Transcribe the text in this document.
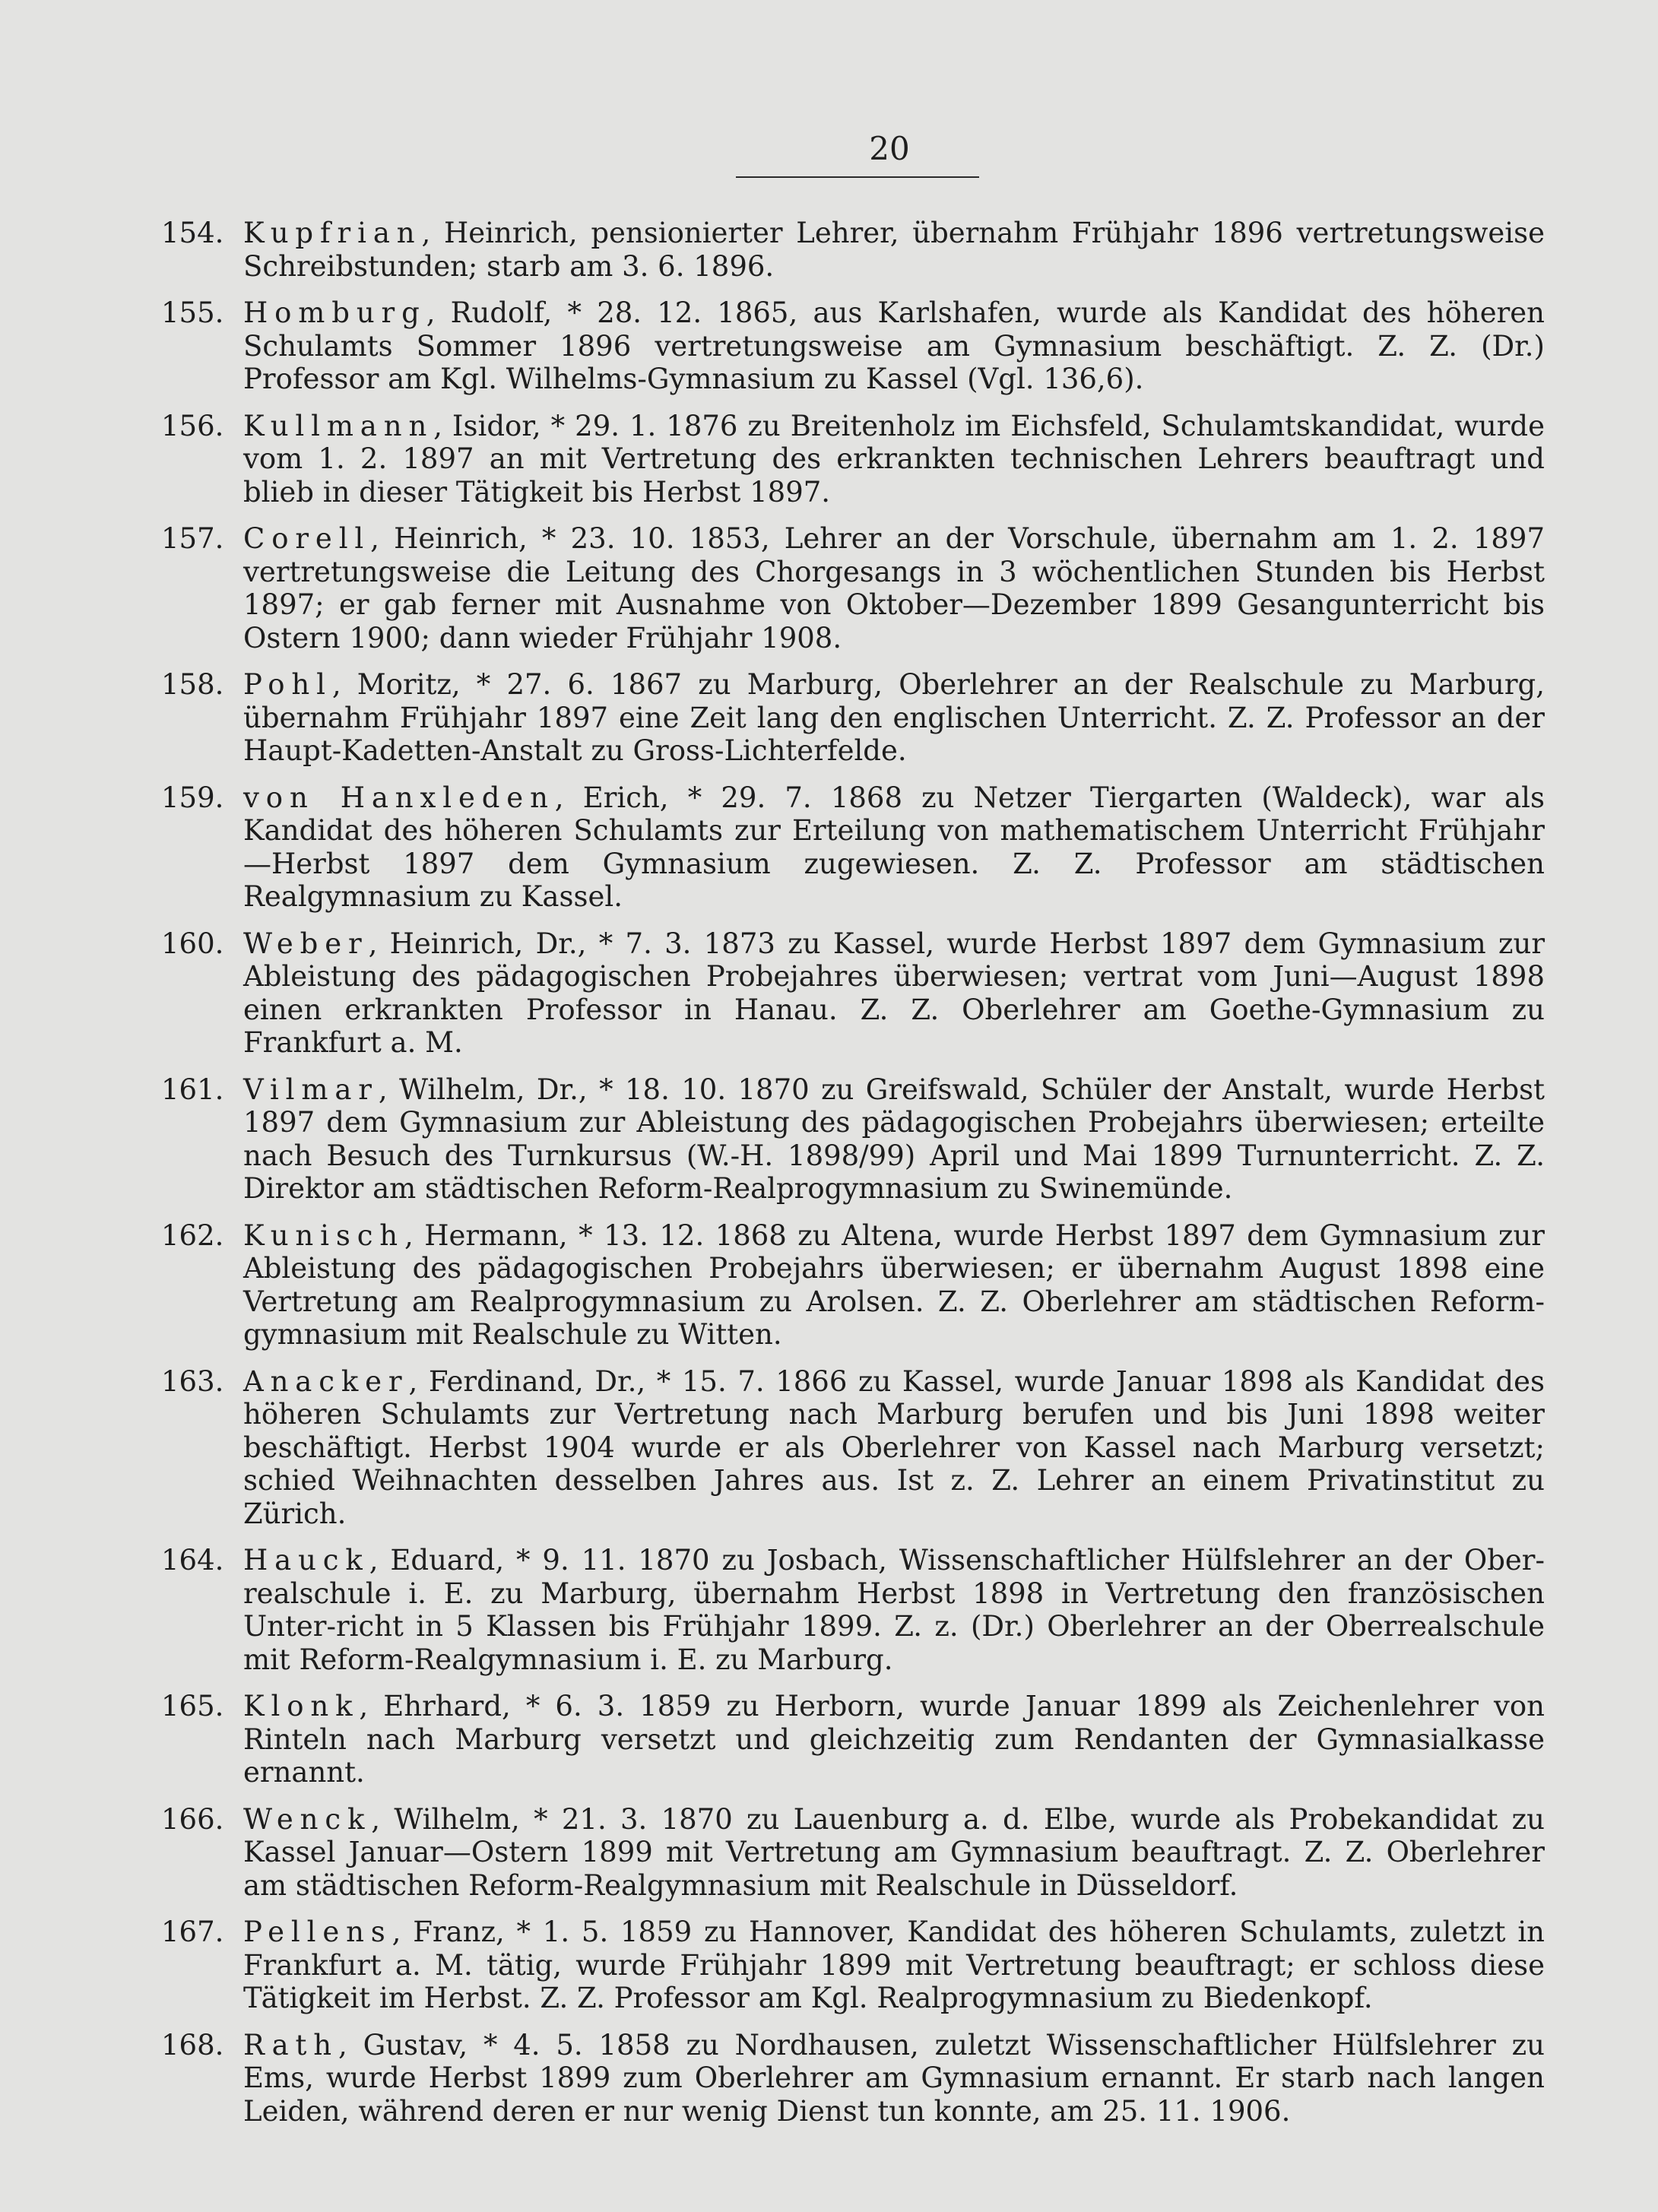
20
154. Kupfrian, Heinrich, pensionierter Lehrer, übernahm Frühjahr 1896 vertretungsweise Schreibstunden; starb am 3. 6. 1896.
155. Homburg, Rudolf, * 28. 12. 1865, aus Karlshafen, wurde als Kandidat des höheren Schulamts Sommer 1896 vertretungsweise am Gymnasium beschäftigt. Z. Z. (Dr.) Professor am Kgl. Wilhelms-Gymnasium zu Kassel (Vgl. 136,6).
156. Kullmann, Isidor, * 29. 1. 1876 zu Breitenholz im Eichsfeld, Schulamtskandidat, wurde vom 1. 2. 1897 an mit Vertretung des erkrankten technischen Lehrers beauftragt und blieb in dieser Tätigkeit bis Herbst 1897.
157. Corell, Heinrich, * 23. 10. 1853, Lehrer an der Vorschule, übernahm am 1. 2. 1897 vertretungsweise die Leitung des Chorgesangs in 3 wöchentlichen Stunden bis Herbst 1897; er gab ferner mit Ausnahme von Oktober—Dezember 1899 Gesangunterricht bis Ostern 1900; dann wieder Frühjahr 1908.
158. Pohl, Moritz, * 27. 6. 1867 zu Marburg, Oberlehrer an der Realschule zu Marburg, übernahm Frühjahr 1897 eine Zeit lang den englischen Unterricht. Z. Z. Professor an der Haupt-Kadetten-Anstalt zu Gross-Lichterfelde.
159. von Hanxleden, Erich, * 29. 7. 1868 zu Netzer Tiergarten (Waldeck), war als Kandidat des höheren Schulamts zur Erteilung von mathematischem Unterricht Frühjahr—Herbst 1897 dem Gymnasium zugewiesen. Z. Z. Professor am städtischen Realgymnasium zu Kassel.
160. Weber, Heinrich, Dr., * 7. 3. 1873 zu Kassel, wurde Herbst 1897 dem Gymnasium zur Ableistung des pädagogischen Probejahres überwiesen; vertrat vom Juni—August 1898 einen erkrankten Professor in Hanau. Z. Z. Oberlehrer am Goethe-Gymnasium zu Frankfurt a. M.
161. Vilmar, Wilhelm, Dr., * 18. 10. 1870 zu Greifswald, Schüler der Anstalt, wurde Herbst 1897 dem Gymnasium zur Ableistung des pädagogischen Probejahrs überwiesen; erteilte nach Besuch des Turnkursus (W.-H. 1898/99) April und Mai 1899 Turnunterricht. Z. Z. Direktor am städtischen Reform-Realprogymnasium zu Swinemünde.
162. Kunisch, Hermann, * 13. 12. 1868 zu Altena, wurde Herbst 1897 dem Gymnasium zur Ableistung des pädagogischen Probejahrs überwiesen; er übernahm August 1898 eine Vertretung am Realprogymnasium zu Arolsen. Z. Z. Oberlehrer am städtischen Reform-gymnasium mit Realschule zu Witten.
163. Anacker, Ferdinand, Dr., * 15. 7. 1866 zu Kassel, wurde Januar 1898 als Kandidat des höheren Schulamts zur Vertretung nach Marburg berufen und bis Juni 1898 weiter beschäftigt. Herbst 1904 wurde er als Oberlehrer von Kassel nach Marburg versetzt; schied Weihnachten desselben Jahres aus. Ist z. Z. Lehrer an einem Privatinstitut zu Zürich.
164. Hauck, Eduard, * 9. 11. 1870 zu Josbach, Wissenschaftlicher Hülfslehrer an der Ober-realschule i. E. zu Marburg, übernahm Herbst 1898 in Vertretung den französischen Unter-richt in 5 Klassen bis Frühjahr 1899. Z. z. (Dr.) Oberlehrer an der Oberrealschule mit Reform-Realgymnasium i. E. zu Marburg.
165. Klonk, Ehrhard, * 6. 3. 1859 zu Herborn, wurde Januar 1899 als Zeichenlehrer von Rinteln nach Marburg versetzt und gleichzeitig zum Rendanten der Gymnasialkasse ernannt.
166. Wenck, Wilhelm, * 21. 3. 1870 zu Lauenburg a. d. Elbe, wurde als Probekandidat zu Kassel Januar—Ostern 1899 mit Vertretung am Gymnasium beauftragt. Z. Z. Oberlehrer am städtischen Reform-Realgymnasium mit Realschule in Düsseldorf.
167. Pellens, Franz, * 1. 5. 1859 zu Hannover, Kandidat des höheren Schulamts, zuletzt in Frankfurt a. M. tätig, wurde Frühjahr 1899 mit Vertretung beauftragt; er schloss diese Tätigkeit im Herbst. Z. Z. Professor am Kgl. Realprogymnasium zu Biedenkopf.
168. Rath, Gustav, * 4. 5. 1858 zu Nordhausen, zuletzt Wissenschaftlicher Hülfslehrer zu Ems, wurde Herbst 1899 zum Oberlehrer am Gymnasium ernannt. Er starb nach langen Leiden, während deren er nur wenig Dienst tun konnte, am 25. 11. 1906.
